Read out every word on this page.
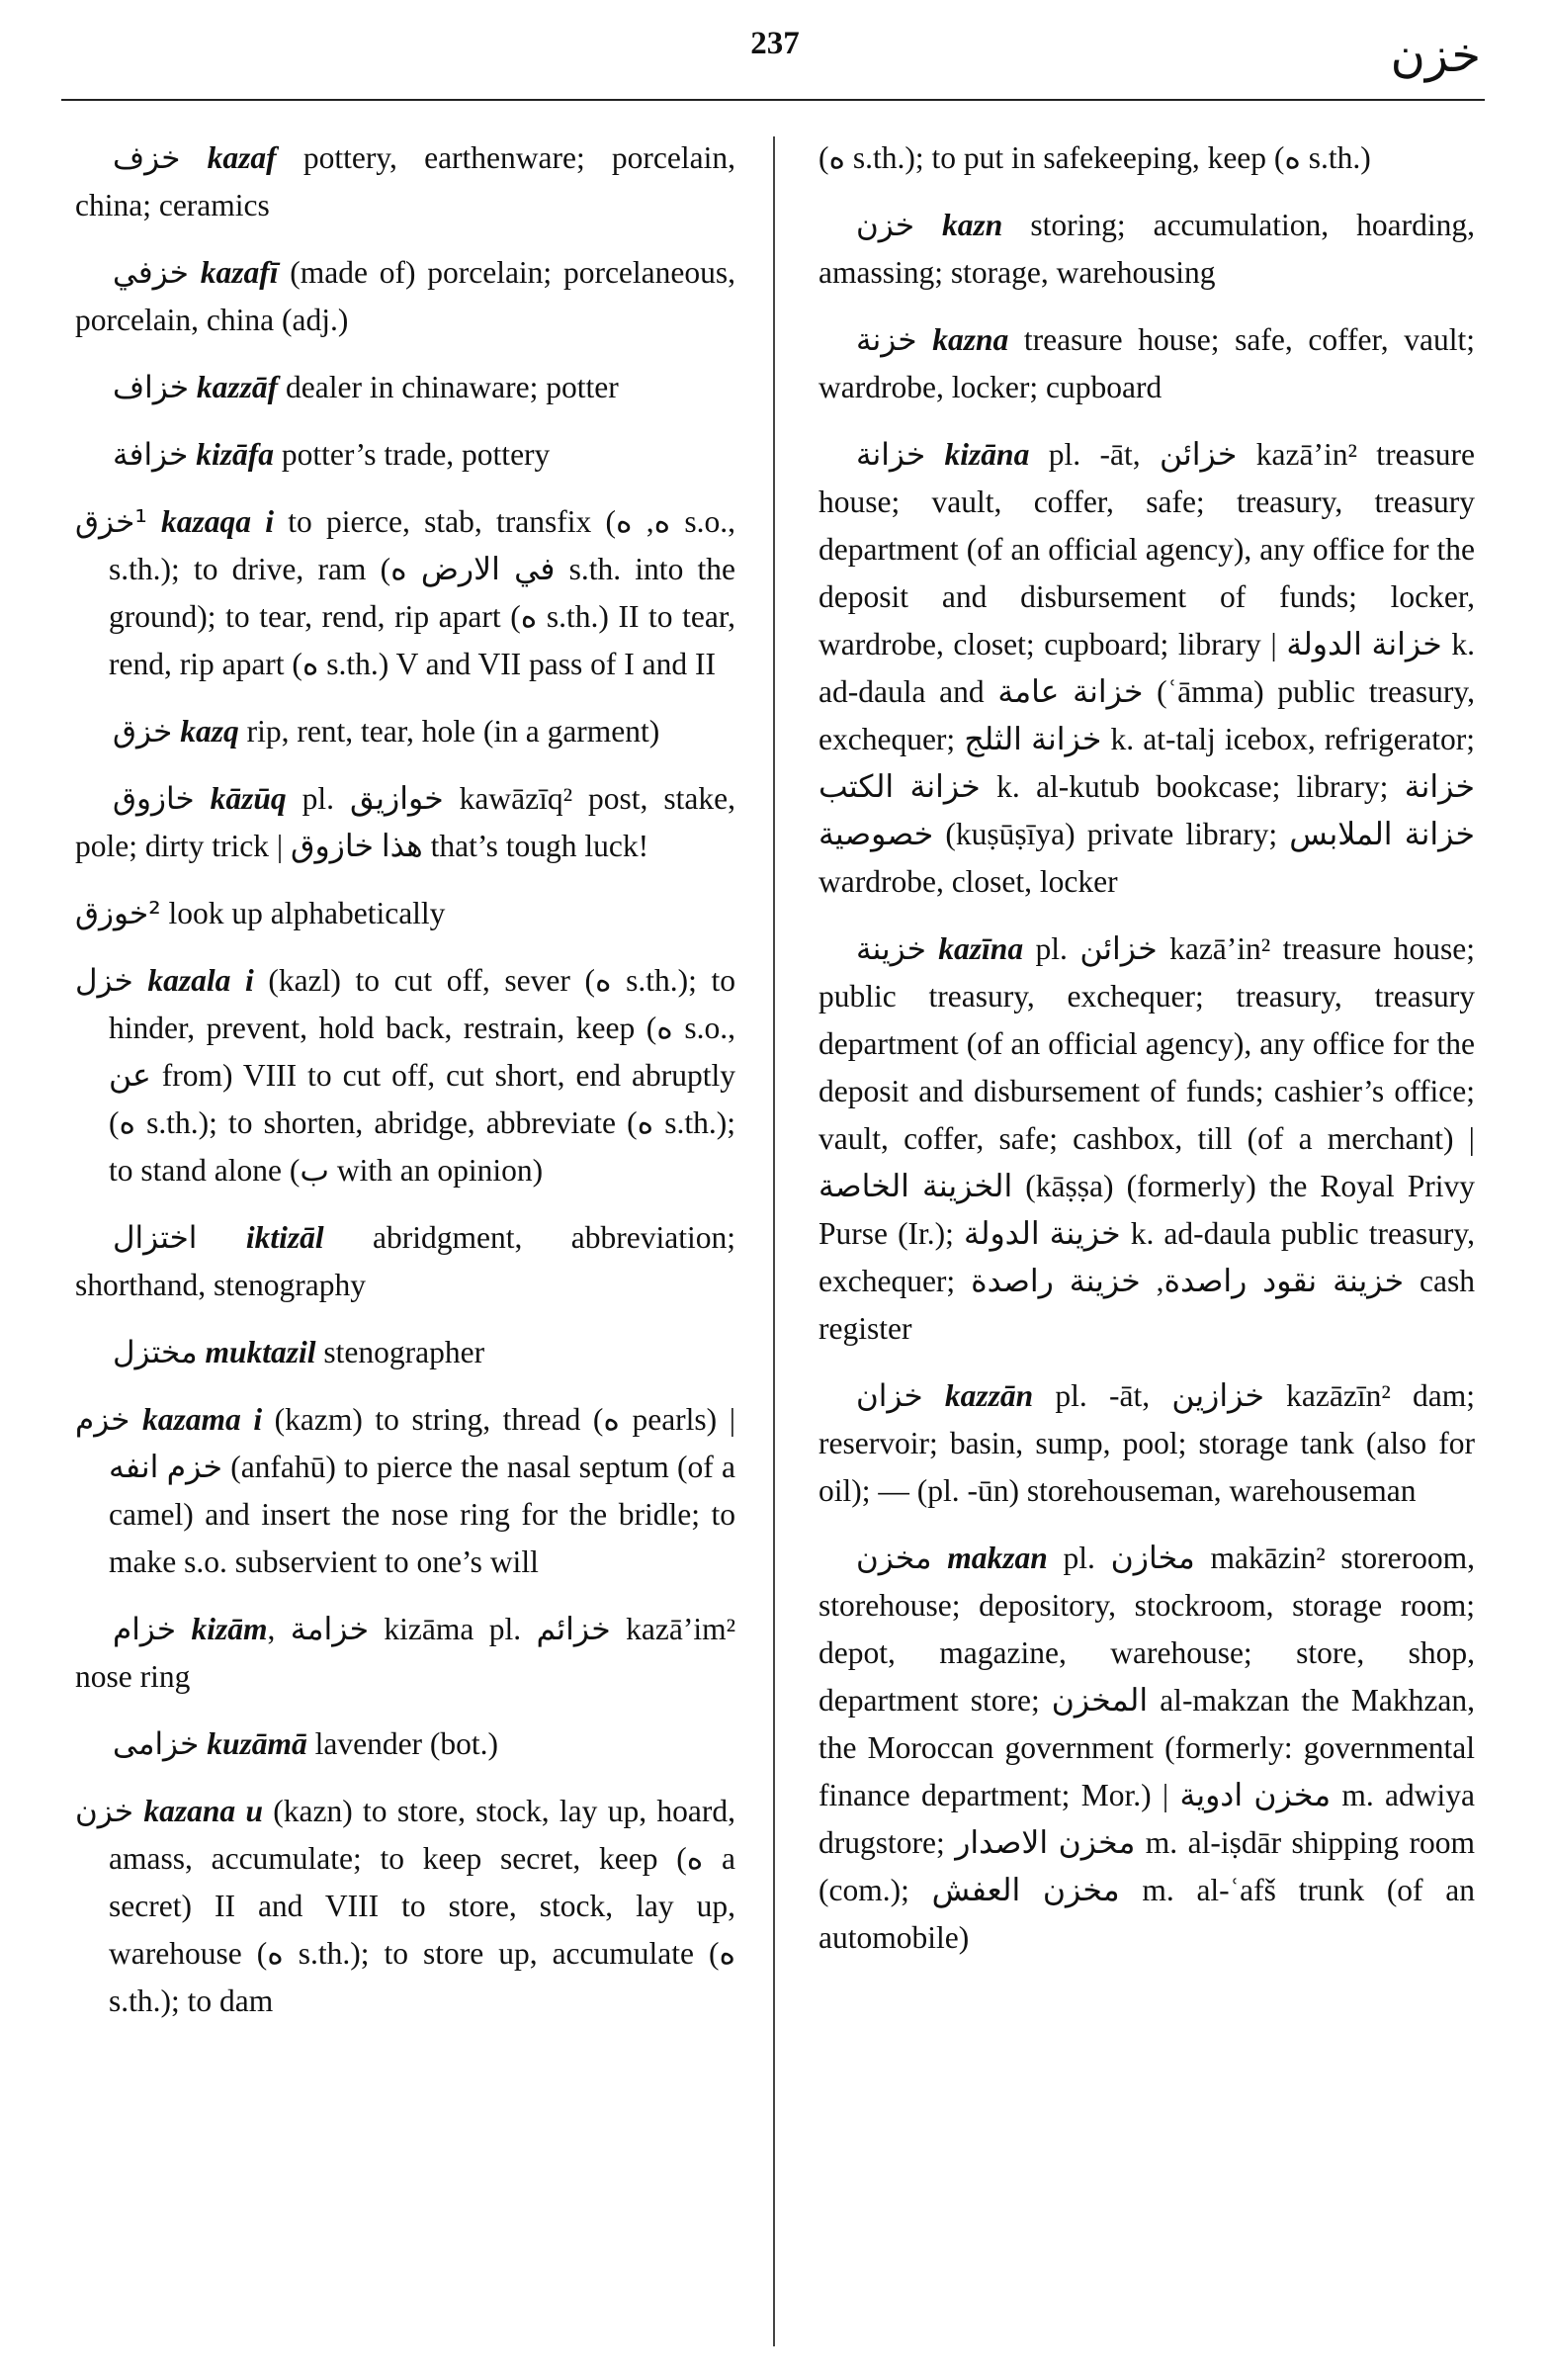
237	خزن

خزف kazaf pottery, earthenware; porcelain, china; ceramics

خزفي kazafī (made of) porcelain; porcelaneous, porcelain, china (adj.)

خزاف kazzāf dealer in chinaware; potter

خزافة kizāfa potter’s trade, pottery

¹خزق kazaqa i to pierce, stab, transfix (ه, ه s.o., s.th.); to drive, ram (في الارض ه s.th. into the ground); to tear, rend, rip apart (ه s.th.) II to tear, rend, rip apart (ه s.th.) V and VII pass of I and II

خزق kazq rip, rent, tear, hole (in a garment)

خازوق kāzūq pl. خوازيق kawāzīq² post, stake, pole; dirty trick | هذا خازوق that’s tough luck!

²خوزق look up alphabetically

خزل kazala i (kazl) to cut off, sever (ه s.th.); to hinder, prevent, hold back, restrain, keep (ه s.o., عن from) VIII to cut off, cut short, end abruptly (ه s.th.); to shorten, abridge, abbreviate (ه s.th.); to stand alone (ب with an opinion)

اختزال iktizāl abridgment, abbreviation; shorthand, stenography

مختزل muktazil stenographer

خزم kazama i (kazm) to string, thread (ه pearls) | خزم انفه (anfahū) to pierce the nasal septum (of a camel) and insert the nose ring for the bridle; to make s.o. subservient to one’s will

خزام kizām, خزامة kizāma pl. خزائم kazā’im² nose ring

خزامى kuzāmā lavender (bot.)

خزن kazana u (kazn) to store, stock, lay up, hoard, amass, accumulate; to keep secret, keep (ه a secret) II and VIII to store, stock, lay up, warehouse (ه s.th.); to store up, accumulate (ه s.th.); to dam

(ه s.th.); to put in safekeeping, keep (ه s.th.)

خزن kazn storing; accumulation, hoarding, amassing; storage, warehousing

خزنة kazna treasure house; safe, coffer, vault; wardrobe, locker; cupboard

خزانة kizāna pl. -āt, خزائن kazā’in² treasure house; vault, coffer, safe; treasury, treasury department (of an official agency), any office for the deposit and disbursement of funds; locker, wardrobe, closet; cupboard; library | خزانة الدولة k. ad-daula and خزانة عامة (ʿāmma) public treasury, exchequer; خزانة الثلج k. at-talj icebox, refrigerator; خزانة الكتب k. al-kutub bookcase; library; خزانة خصوصية (kuṣūṣīya) private library; خزانة الملابس wardrobe, closet, locker

خزينة kazīna pl. خزائن kazā’in² treasure house; public treasury, exchequer; treasury, treasury department (of an official agency), any office for the deposit and disbursement of funds; cashier’s office; vault, coffer, safe; cashbox, till (of a merchant) | الخزينة الخاصة (kāṣṣa) (formerly) the Royal Privy Purse (Ir.); خزينة الدولة k. ad-daula public treasury, exchequer; خزينة نقود راصدة, خزينة راصدة cash register

خزان kazzān pl. -āt, خزازين kazāzīn² dam; reservoir; basin, sump, pool; storage tank (also for oil); — (pl. -ūn) storehouseman, warehouseman

مخزن makzan pl. مخازن makāzin² storeroom, storehouse; depository, stockroom, storage room; depot, magazine, warehouse; store, shop, department store; المخزن al-makzan the Makhzan, the Moroccan government (formerly: governmental finance department; Mor.) | مخزن ادوية m. adwiya drugstore; مخزن الاصدار m. al-iṣdār shipping room (com.); مخزن العفش m. al-ʿafš trunk (of an automobile)
